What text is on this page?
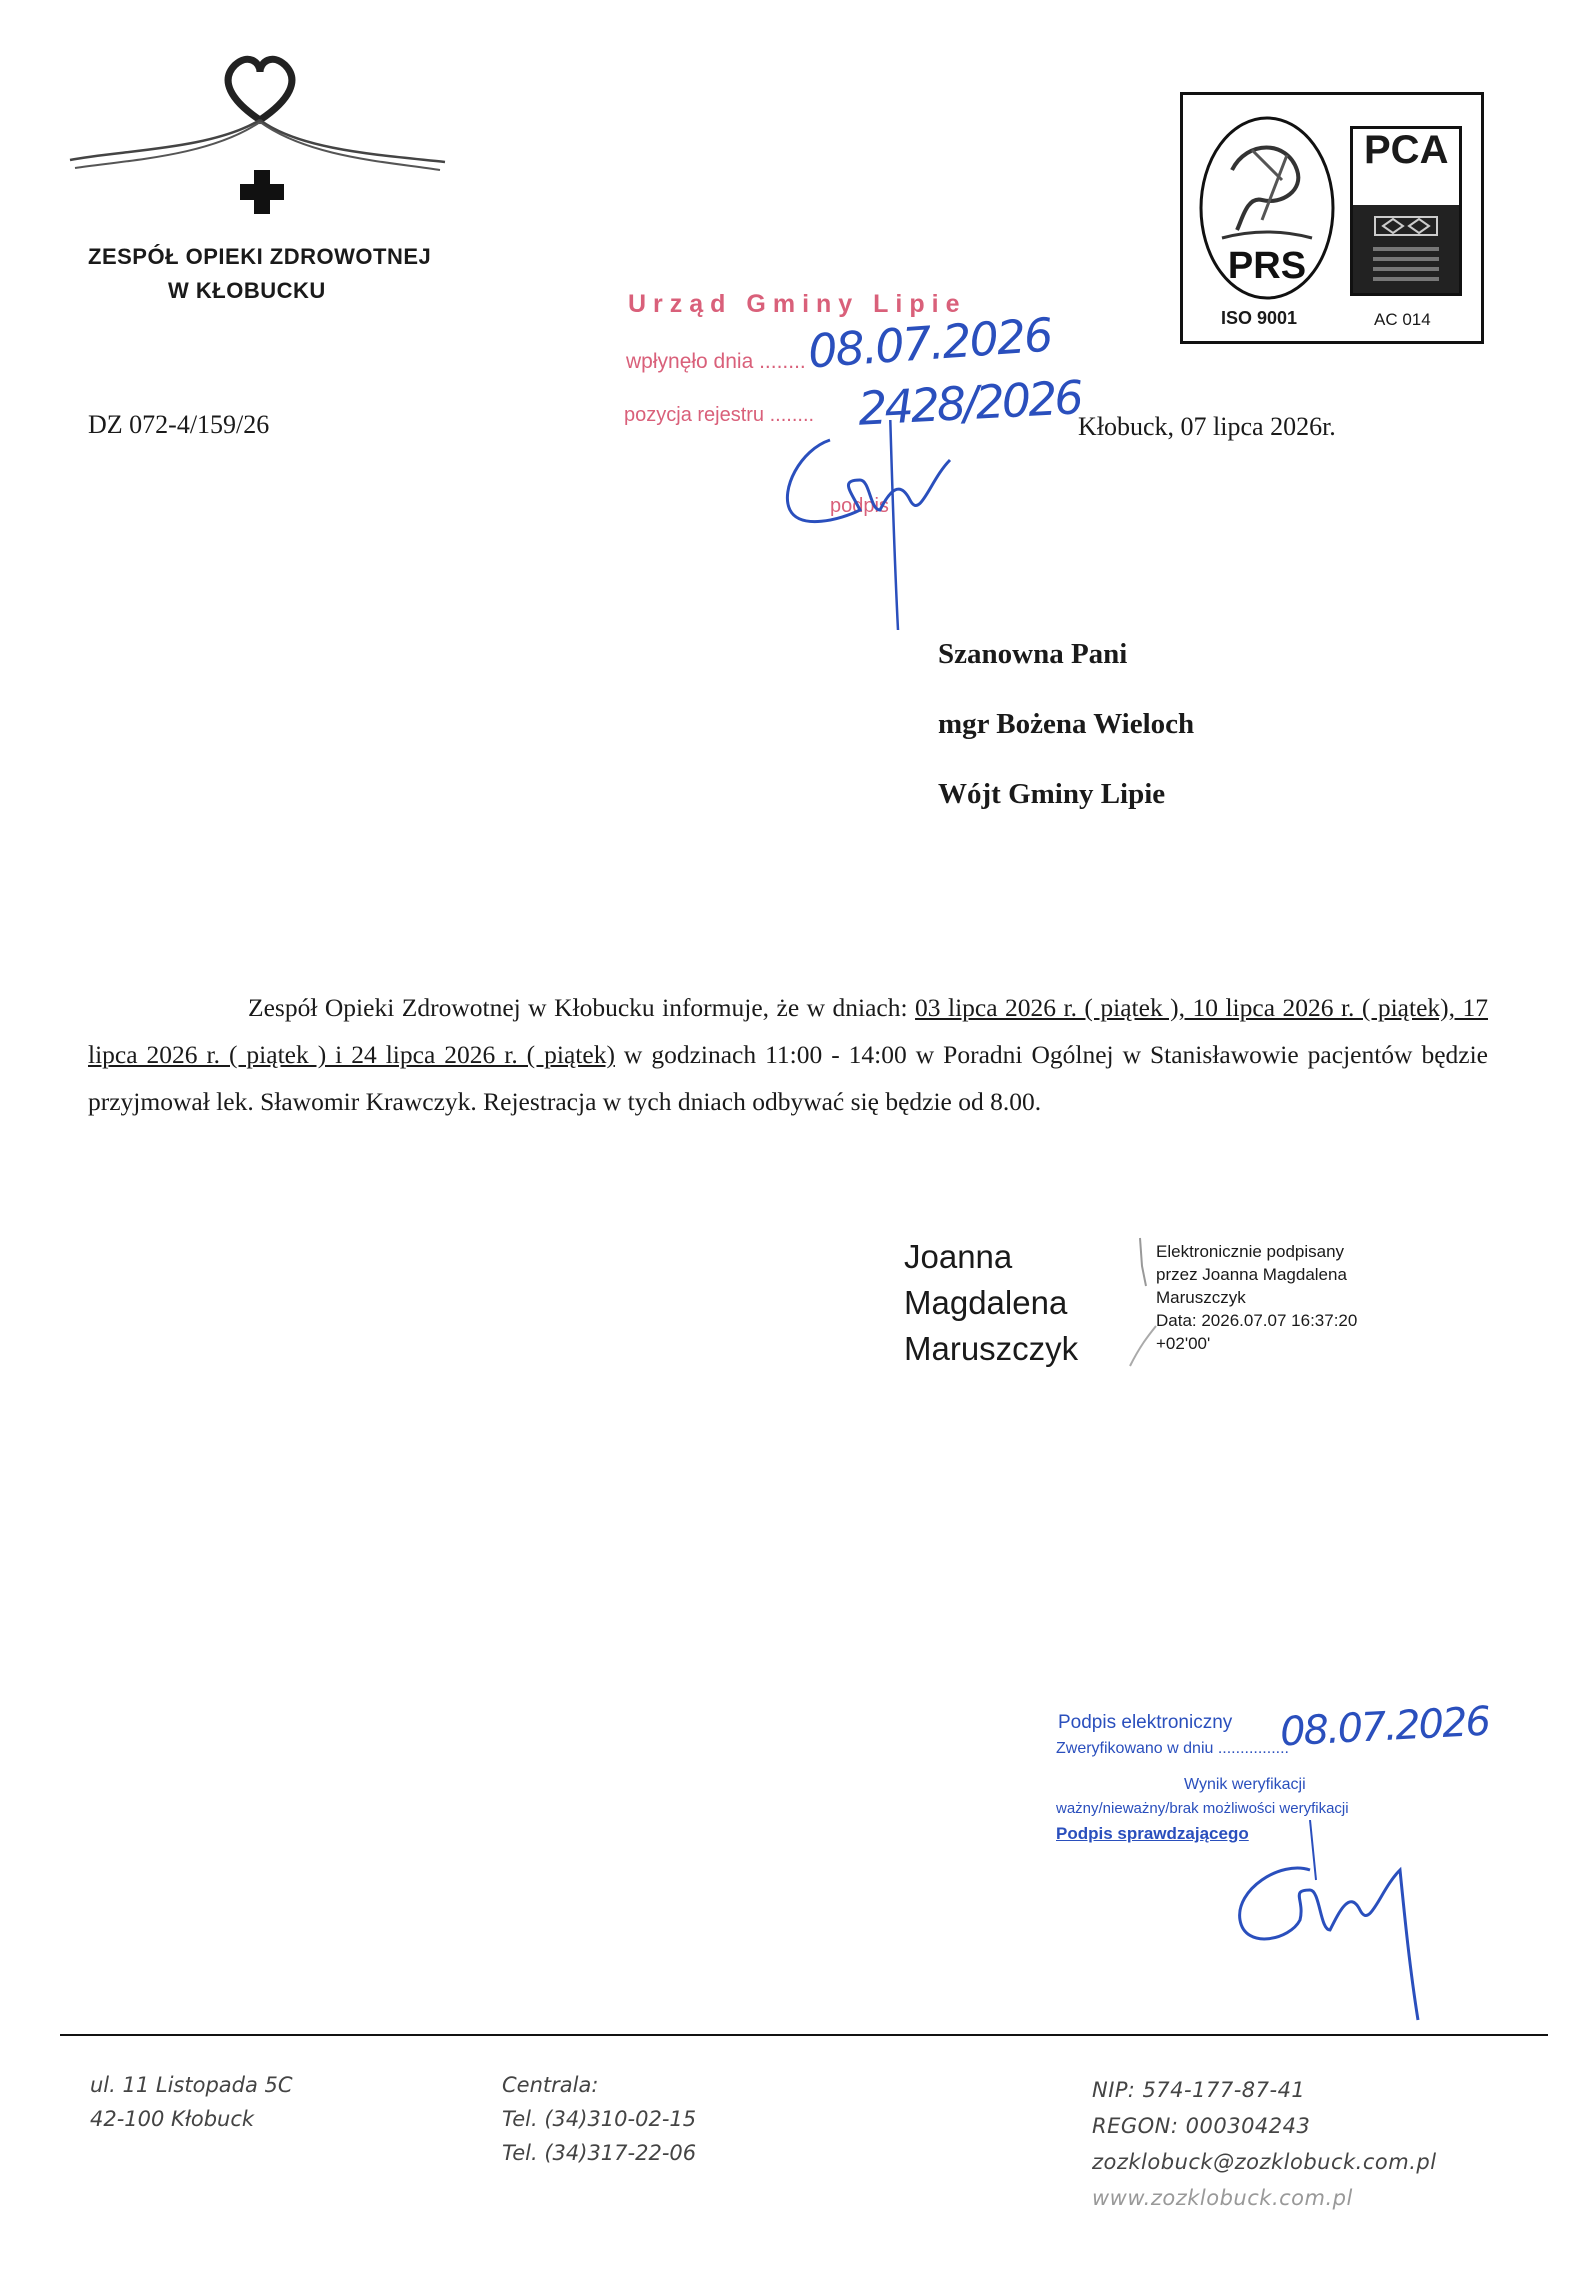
ZESPÓŁ OPIEKI ZDROWOTNEJ
W KŁOBUCKU
DZ 072-4/159/26
PRS
ISO 9001
PCA
AC 014
Urząd Gminy Lipie
wpłynęło dnia ........ 08.07.2026
pozycja rejestru ........ 2428/2026
podpis
Kłobuck, 07 lipca 2026r.
Szanowna Pani
mgr Bożena Wieloch
Wójt Gminy Lipie
Zespół Opieki Zdrowotnej w Kłobucku informuje, że w dniach: 03 lipca 2026 r. ( piątek ), 10 lipca 2026 r. ( piątek), 17 lipca 2026 r. ( piątek ) i 24 lipca 2026 r. ( piątek) w godzinach 11:00 - 14:00 w Poradni Ogólnej w Stanisławowie pacjentów będzie przyjmował lek. Sławomir Krawczyk. Rejestracja w tych dniach odbywać się będzie od 8.00.
Joanna
Magdalena
Maruszczyk
Elektronicznie podpisany
przez Joanna Magdalena
Maruszczyk
Data: 2026.07.07 16:37:20
+02'00'
Podpis elektroniczny
Zweryfikowano w dniu ................
08.07.2026
Wynik weryfikacji
ważny/nieważny/brak możliwości weryfikacji
Podpis sprawdzającego
ul. 11 Listopada 5C
42-100 Kłobuck
Centrala:
Tel. (34)310-02-15
Tel. (34)317-22-06
NIP: 574-177-87-41
REGON: 000304243
zozklobuck@zozklobuck.com.pl
www.zozklobuck.com.pl
